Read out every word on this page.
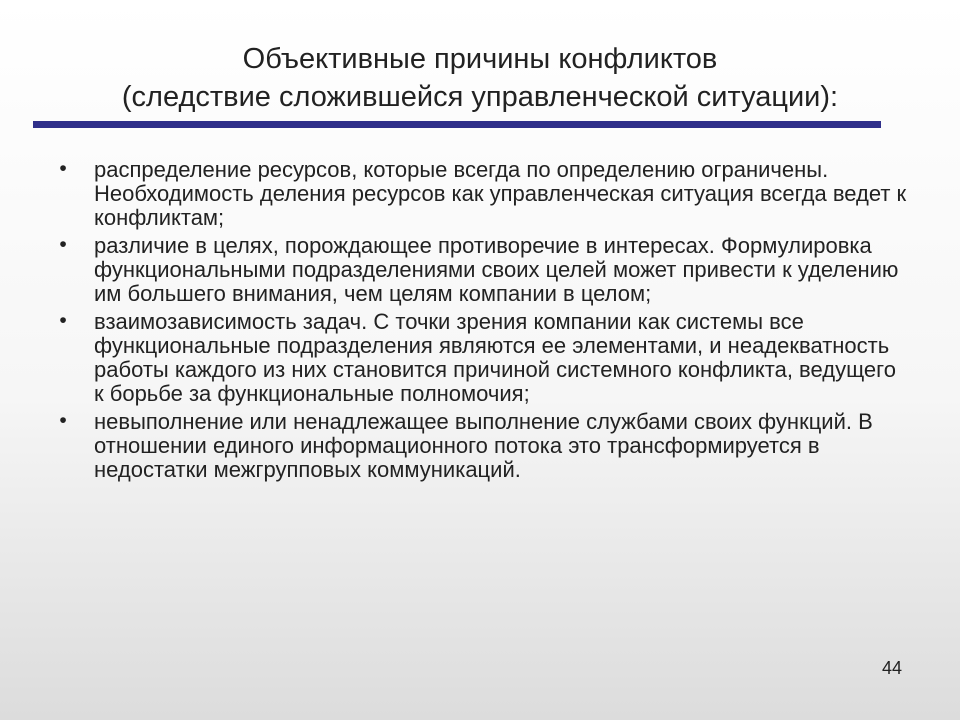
Объективные причины конфликтов
(следствие сложившейся управленческой ситуации):
• распределение ресурсов, которые всегда по определению ограничены. Необходимость деления ресурсов как управленческая ситуация всегда ведет к конфликтам;
• различие в целях, порождающее противоречие в интересах. Формулировка функциональными подразделениями своих целей может привести к уделению им большего внимания, чем целям компании в целом;
• взаимозависимость задач. С точки зрения компании как системы все функциональные подразделения являются ее элементами, и неадекватность работы каждого из них становится причиной системного конфликта, ведущего к борьбе за функциональные полномочия;
• невыполнение или ненадлежащее выполнение службами своих функций. В отношении единого информационного потока это трансформируется в недостатки межгрупповых коммуникаций.
44
